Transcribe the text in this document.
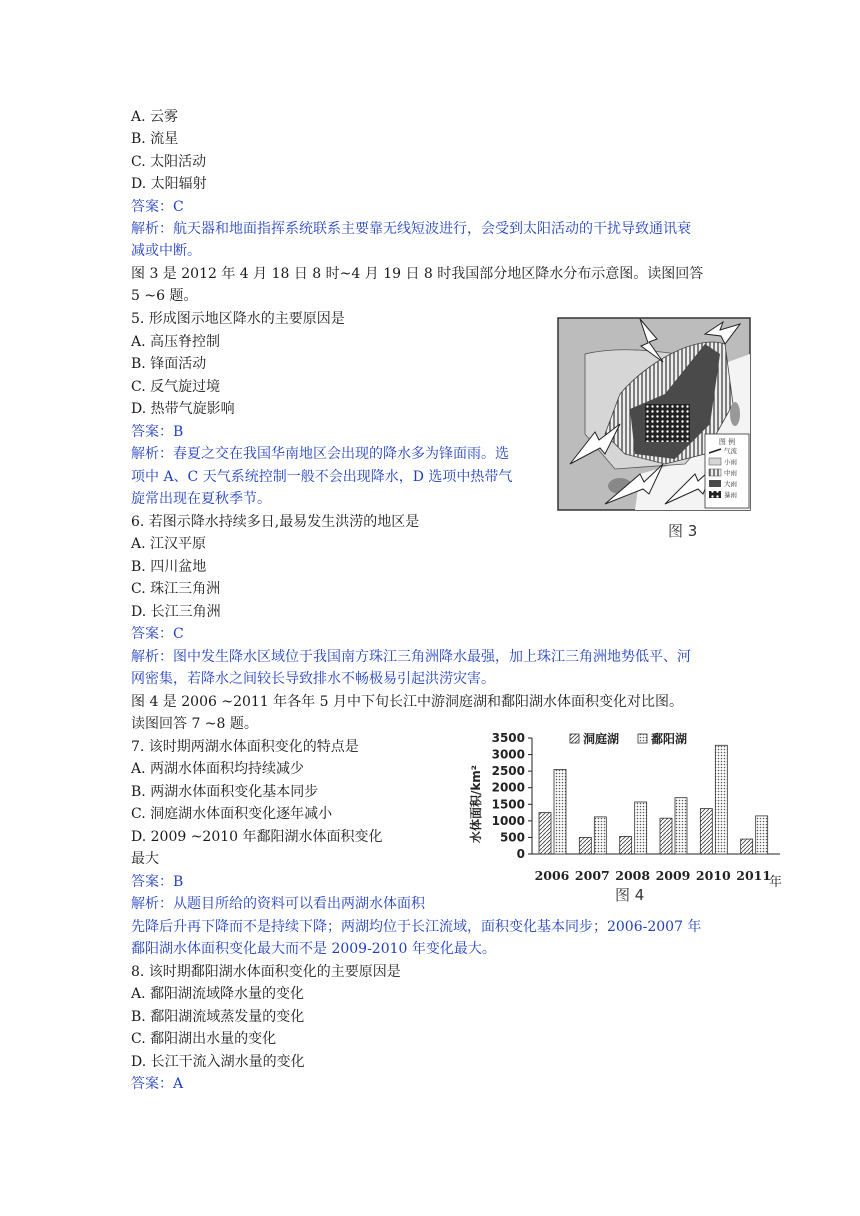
A. 云雾
B. 流星
C. 太阳活动
D. 太阳辐射
答案：C
解析：航天器和地面指挥系统联系主要靠无线短波进行，会受到太阳活动的干扰导致通讯衰
减或中断。
图 3 是 2012 年 4 月 18 日 8 时~4 月 19 日 8 时我国部分地区降水分布示意图。读图回答
5 ~6 题。
5. 形成图示地区降水的主要原因是
A. 高压脊控制
B. 锋面活动
C. 反气旋过境
D. 热带气旋影响
答案：B
解析：春夏之交在我国华南地区会出现的降水多为锋面雨。选
项中 A、C 天气系统控制一般不会出现降水，D 选项中热带气
旋常出现在夏秋季节。
6. 若图示降水持续多日,最易发生洪涝的地区是
A. 江汉平原
B. 四川盆地
C. 珠江三角洲
D. 长江三角洲
答案：C
解析：图中发生降水区域位于我国南方珠江三角洲降水最强，加上珠江三角洲地势低平、河
网密集，若降水之间较长导致排水不畅极易引起洪涝灾害。
图 4 是 2006 ~2011 年各年 5 月中下旬长江中游洞庭湖和鄱阳湖水体面积变化对比图。
读图回答 7 ~8 题。
7. 该时期两湖水体面积变化的特点是
A. 两湖水体面积均持续减少
B. 两湖水体面积变化基本同步
C. 洞庭湖水体面积变化逐年减小
D. 2009 ~2010 年鄱阳湖水体面积变化
最大
答案：B
解析：从题目所给的资料可以看出两湖水体面积
先降后升再下降而不是持续下降；两湖均位于长江流域，面积变化基本同步；2006-2007 年
鄱阳湖水体面积变化最大而不是 2009-2010 年变化最大。
8. 该时期鄱阳湖水体面积变化的主要原因是
A. 鄱阳湖流域降水量的变化
B. 鄱阳湖流域蒸发量的变化
C. 鄱阳湖出水量的变化
D. 长江干流入湖水量的变化
答案：A
图 例
气流
小雨
中雨
大雨
暴雨
图 3
0
500
1000
1500
2000
2500
3000
3500
2006 2007 2008 2009 2010 2011
水体面积/km²
洞庭湖	鄱阳湖
年
图 4
